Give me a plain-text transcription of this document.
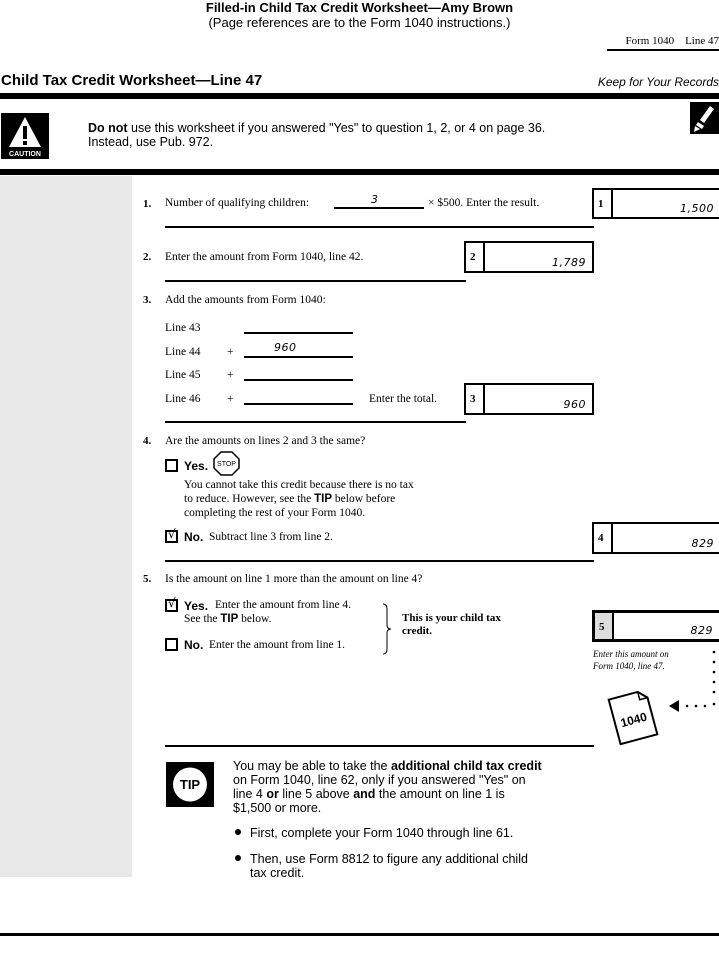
Filled-in Child Tax Credit Worksheet—Amy Brown
(Page references are to the Form 1040 instructions.)
Form 1040    Line 47
Child Tax Credit Worksheet—Line 47	Keep for Your Records
CAUTION
Do not use this worksheet if you answered "Yes" to question 1, 2, or 4 on page 36.
Instead, use Pub. 972.
1. Number of qualifying children:	3	× $500. Enter the result.	1	1,500
2. Enter the amount from Form 1040, line 42.	2	1,789
3. Add the amounts from Form 1040:
Line 43
Line 44 +	960
Line 45 +
Line 46 +	Enter the total.	3	960
4. Are the amounts on lines 2 and 3 the same?
Yes. STOP
You cannot take this credit because there is no tax
to reduce. However, see the TIP below before
completing the rest of your Form 1040.
√ No. Subtract line 3 from line 2.	4	829
5. Is the amount on line 1 more than the amount on line 4?
√ Yes. Enter the amount from line 4.
See the TIP below.
No. Enter the amount from line 1.
This is your child tax
credit.	5	829
Enter this amount on
Form 1040, line 47.
1040
TIP
You may be able to take the additional child tax credit
on Form 1040, line 62, only if you answered "Yes" on
line 4 or line 5 above and the amount on line 1 is
$1,500 or more.
First, complete your Form 1040 through line 61.
Then, use Form 8812 to figure any additional child
tax credit.
